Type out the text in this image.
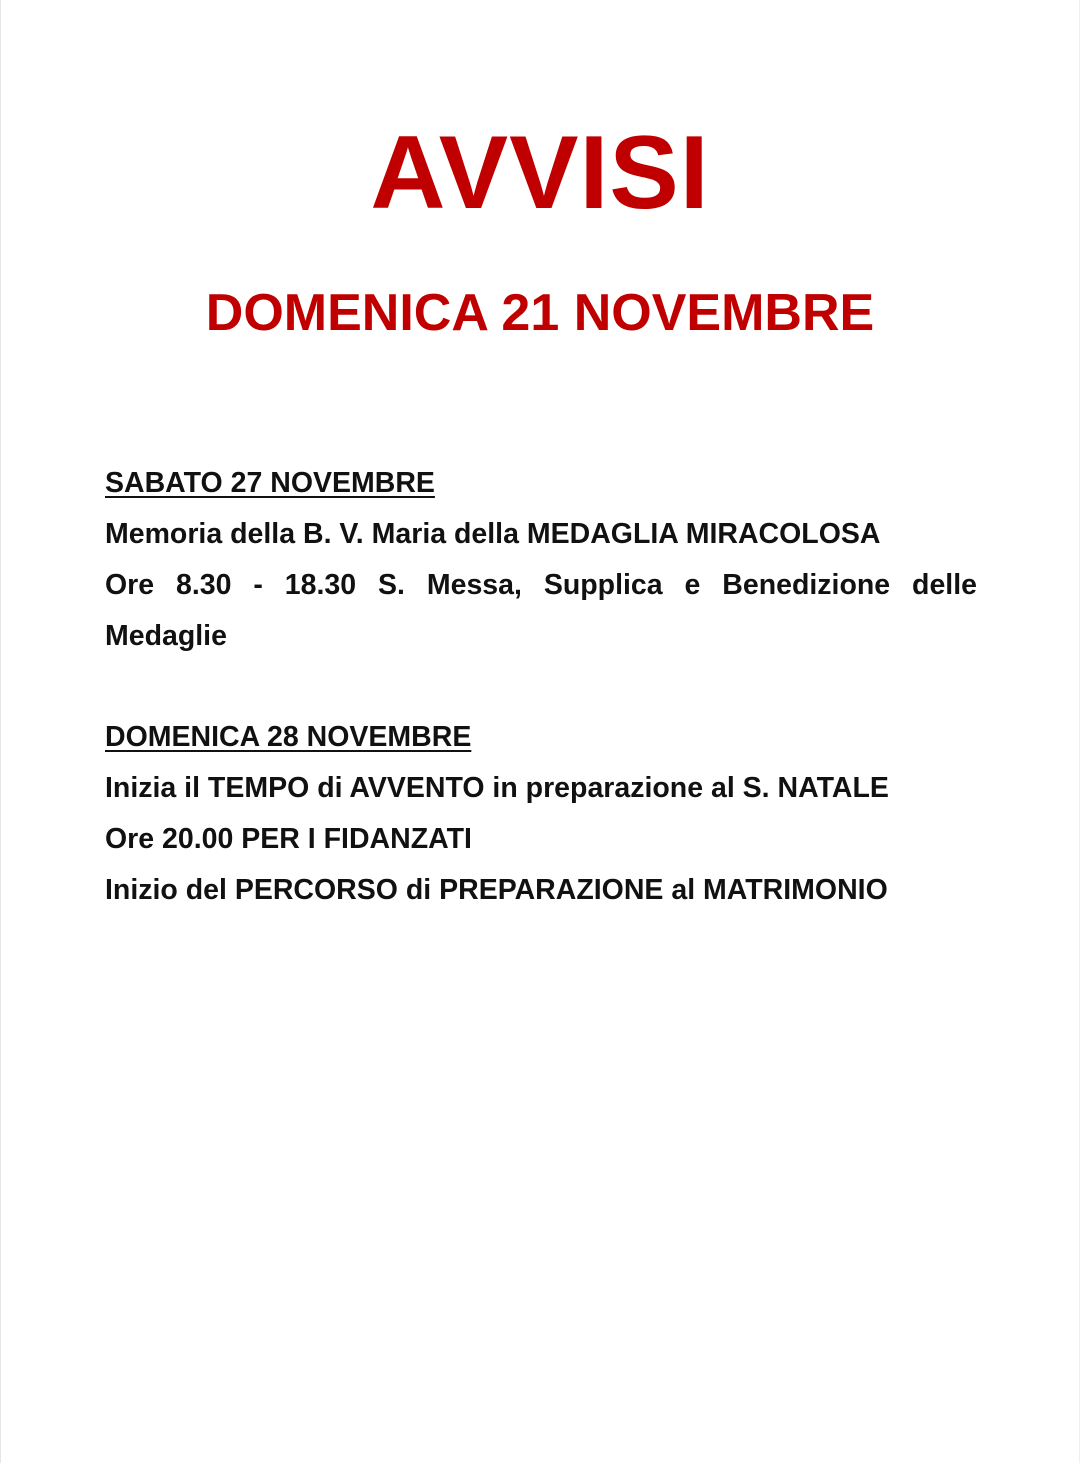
AVVISI
DOMENICA 21 NOVEMBRE
SABATO 27 NOVEMBRE
Memoria della B. V. Maria della MEDAGLIA MIRACOLOSA
Ore 8.30 - 18.30 S. Messa, Supplica e Benedizione delle
Medaglie
DOMENICA 28 NOVEMBRE
Inizia il TEMPO di AVVENTO in preparazione al S. NATALE
Ore 20.00 PER I FIDANZATI
Inizio del PERCORSO di PREPARAZIONE al MATRIMONIO
